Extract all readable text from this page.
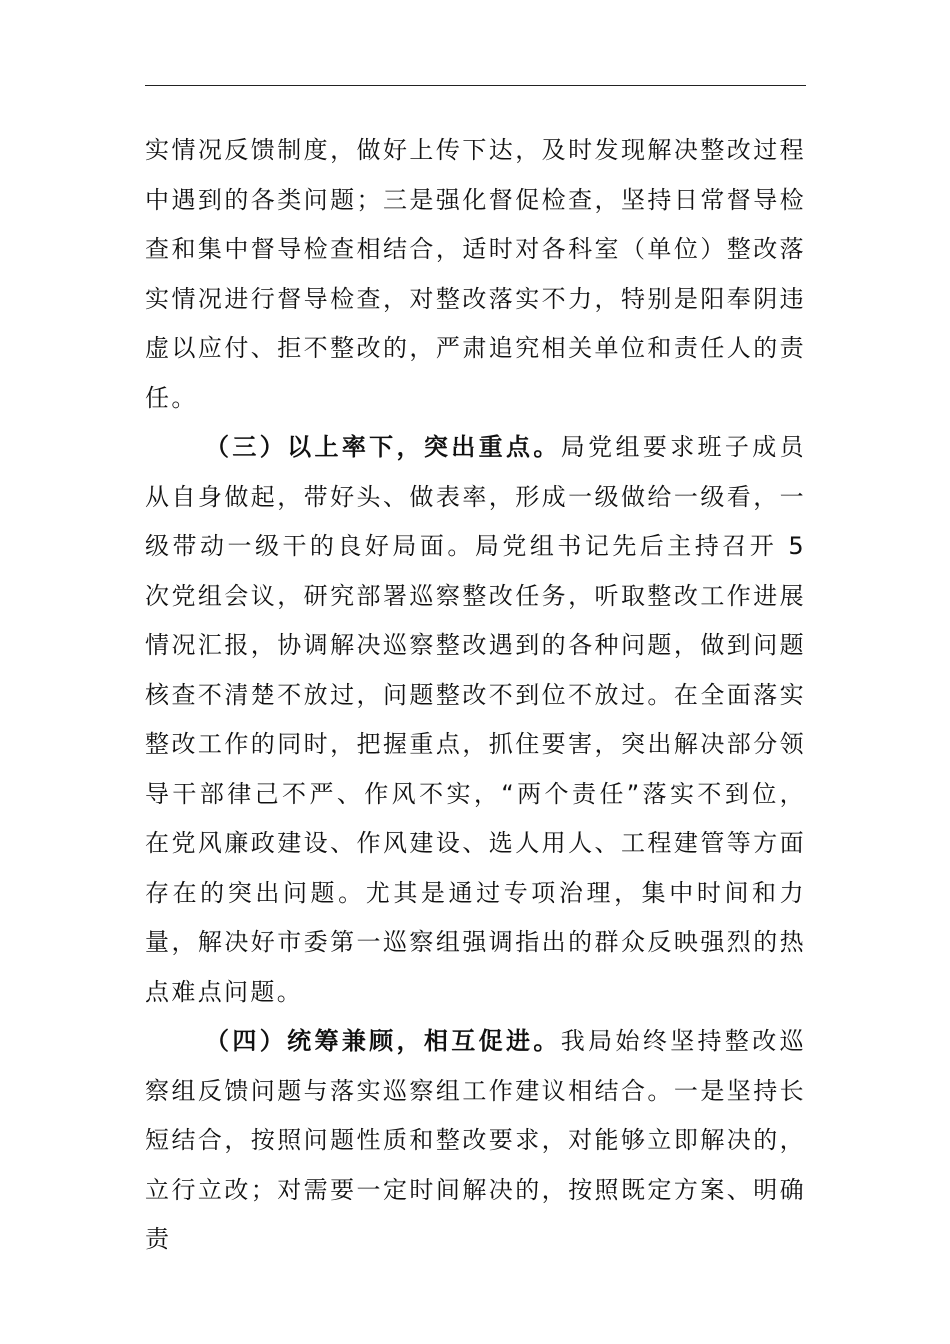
实情况反馈制度，做好上传下达，及时发现解决整改过程中遇到的各类问题；三是强化督促检查，坚持日常督导检查和集中督导检查相结合，适时对各科室（单位）整改落实情况进行督导检查，对整改落实不力，特别是阳奉阴违虚以应付、拒不整改的，严肃追究相关单位和责任人的责任。

（三）以上率下，突出重点。局党组要求班子成员从自身做起，带好头、做表率，形成一级做给一级看，一级带动一级干的良好局面。局党组书记先后主持召开 5 次党组会议，研究部署巡察整改任务，听取整改工作进展情况汇报，协调解决巡察整改遇到的各种问题，做到问题核查不清楚不放过，问题整改不到位不放过。在全面落实整改工作的同时，把握重点，抓住要害，突出解决部分领导干部律己不严、作风不实，“两个责任”落实不到位，在党风廉政建设、作风建设、选人用人、工程建管等方面存在的突出问题。尤其是通过专项治理，集中时间和力量，解决好市委第一巡察组强调指出的群众反映强烈的热点难点问题。

（四）统筹兼顾，相互促进。我局始终坚持整改巡察组反馈问题与落实巡察组工作建议相结合。一是坚持长短结合，按照问题性质和整改要求，对能够立即解决的，立行立改；对需要一定时间解决的，按照既定方案、明确责
